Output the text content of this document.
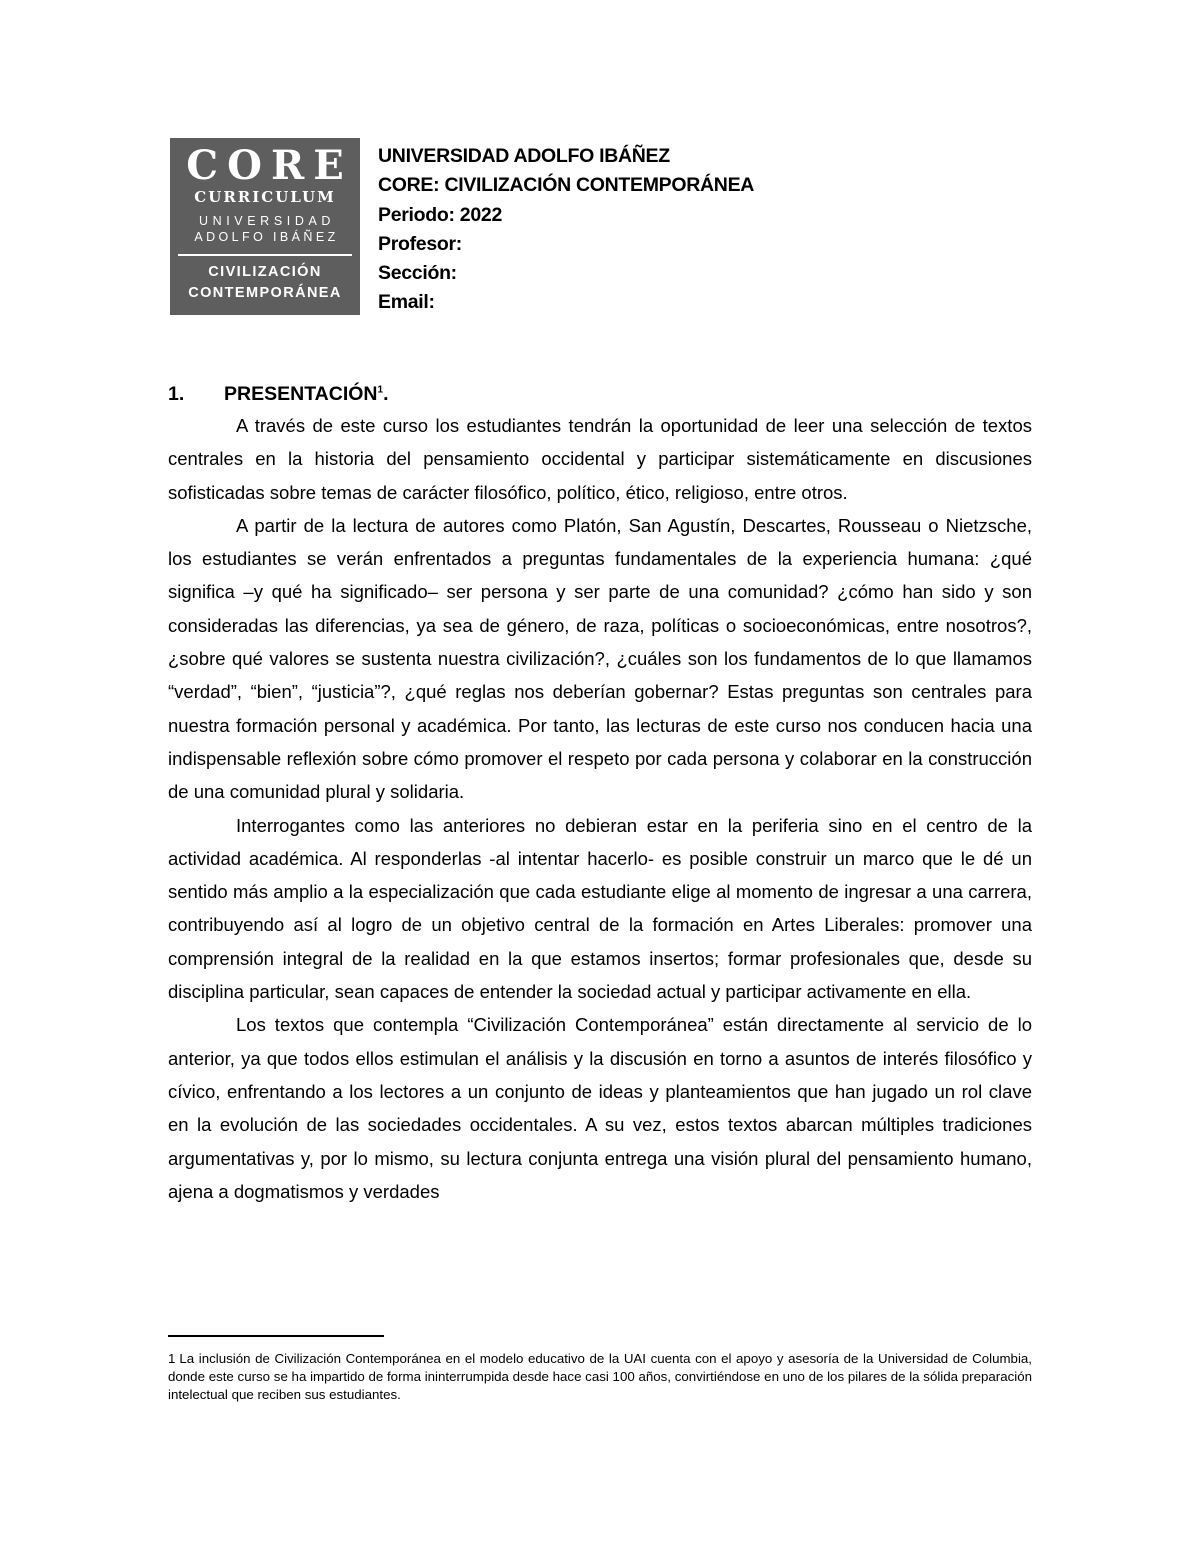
CORE
CURRICULUM
UNIVERSIDAD
ADOLFO IBÁÑEZ
CIVILIZACIÓN
CONTEMPORÁNEA
UNIVERSIDAD ADOLFO IBÁÑEZ
CORE: CIVILIZACIÓN CONTEMPORÁNEA
Periodo: 2022
Profesor:
Sección:
Email:
1. PRESENTACIÓN$^1$.

A través de este curso los estudiantes tendrán la oportunidad de leer una selección de textos centrales en la historia del pensamiento occidental y participar sistemáticamente en discusiones sofisticadas sobre temas de carácter filosófico, político, ético, religioso, entre otros.

A partir de la lectura de autores como Platón, San Agustín, Descartes, Rousseau o Nietzsche, los estudiantes se verán enfrentados a preguntas fundamentales de la experiencia humana: ¿qué significa –y qué ha significado– ser persona y ser parte de una comunidad? ¿cómo han sido y son consideradas las diferencias, ya sea de género, de raza, políticas o socioeconómicas, entre nosotros?, ¿sobre qué valores se sustenta nuestra civilización?, ¿cuáles son los fundamentos de lo que llamamos “verdad”, “bien”, “justicia”?, ¿qué reglas nos deberían gobernar? Estas preguntas son centrales para nuestra formación personal y académica. Por tanto, las lecturas de este curso nos conducen hacia una indispensable reflexión sobre cómo promover el respeto por cada persona y colaborar en la construcción de una comunidad plural y solidaria.

Interrogantes como las anteriores no debieran estar en la periferia sino en el centro de la actividad académica. Al responderlas -al intentar hacerlo- es posible construir un marco que le dé un sentido más amplio a la especialización que cada estudiante elige al momento de ingresar a una carrera, contribuyendo así al logro de un objetivo central de la formación en Artes Liberales: promover una comprensión integral de la realidad en la que estamos insertos; formar profesionales que, desde su disciplina particular, sean capaces de entender la sociedad actual y participar activamente en ella.

Los textos que contempla “Civilización Contemporánea” están directamente al servicio de lo anterior, ya que todos ellos estimulan el análisis y la discusión en torno a asuntos de interés filosófico y cívico, enfrentando a los lectores a un conjunto de ideas y planteamientos que han jugado un rol clave en la evolución de las sociedades occidentales. A su vez, estos textos abarcan múltiples tradiciones argumentativas y, por lo mismo, su lectura conjunta entrega una visión plural del pensamiento humano, ajena a dogmatismos y verdades

1 La inclusión de Civilización Contemporánea en el modelo educativo de la UAI cuenta con el apoyo y asesoría de la Universidad de Columbia, donde este curso se ha impartido de forma ininterrumpida desde hace casi 100 años, convirtiéndose en uno de los pilares de la sólida preparación intelectual que reciben sus estudiantes.
